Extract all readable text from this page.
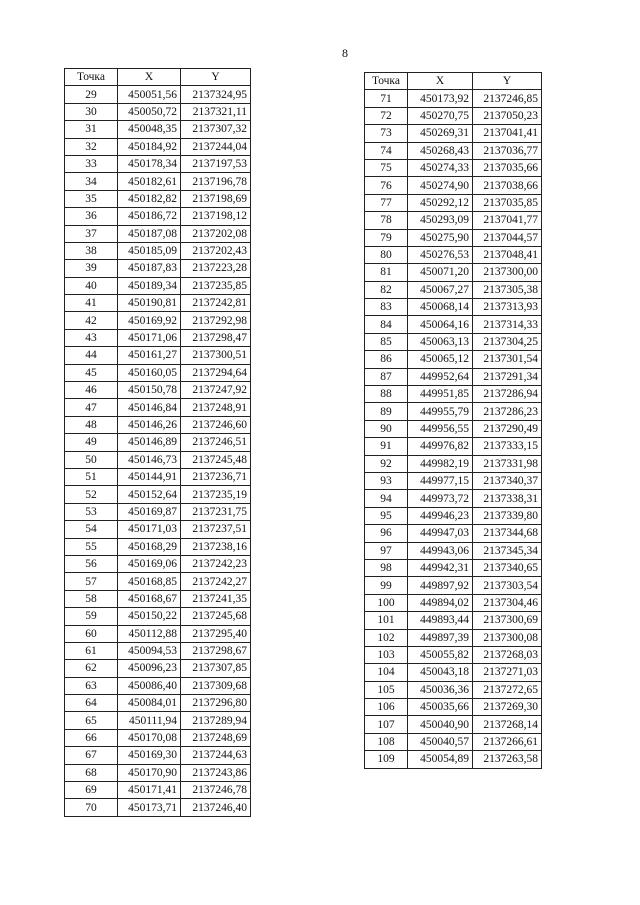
8
Точка	X	Y
29	450051,56	2137324,95
30	450050,72	2137321,11
31	450048,35	2137307,32
32	450184,92	2137244,04
33	450178,34	2137197,53
34	450182,61	2137196,78
35	450182,82	2137198,69
36	450186,72	2137198,12
37	450187,08	2137202,08
38	450185,09	2137202,43
39	450187,83	2137223,28
40	450189,34	2137235,85
41	450190,81	2137242,81
42	450169,92	2137292,98
43	450171,06	2137298,47
44	450161,27	2137300,51
45	450160,05	2137294,64
46	450150,78	2137247,92
47	450146,84	2137248,91
48	450146,26	2137246,60
49	450146,89	2137246,51
50	450146,73	2137245,48
51	450144,91	2137236,71
52	450152,64	2137235,19
53	450169,87	2137231,75
54	450171,03	2137237,51
55	450168,29	2137238,16
56	450169,06	2137242,23
57	450168,85	2137242,27
58	450168,67	2137241,35
59	450150,22	2137245,68
60	450112,88	2137295,40
61	450094,53	2137298,67
62	450096,23	2137307,85
63	450086,40	2137309,68
64	450084,01	2137296,80
65	450111,94	2137289,94
66	450170,08	2137248,69
67	450169,30	2137244,63
68	450170,90	2137243,86
69	450171,41	2137246,78
70	450173,71	2137246,40
Точка	X	Y
71	450173,92	2137246,85
72	450270,75	2137050,23
73	450269,31	2137041,41
74	450268,43	2137036,77
75	450274,33	2137035,66
76	450274,90	2137038,66
77	450292,12	2137035,85
78	450293,09	2137041,77
79	450275,90	2137044,57
80	450276,53	2137048,41
81	450071,20	2137300,00
82	450067,27	2137305,38
83	450068,14	2137313,93
84	450064,16	2137314,33
85	450063,13	2137304,25
86	450065,12	2137301,54
87	449952,64	2137291,34
88	449951,85	2137286,94
89	449955,79	2137286,23
90	449956,55	2137290,49
91	449976,82	2137333,15
92	449982,19	2137331,98
93	449977,15	2137340,37
94	449973,72	2137338,31
95	449946,23	2137339,80
96	449947,03	2137344,68
97	449943,06	2137345,34
98	449942,31	2137340,65
99	449897,92	2137303,54
100	449894,02	2137304,46
101	449893,44	2137300,69
102	449897,39	2137300,08
103	450055,82	2137268,03
104	450043,18	2137271,03
105	450036,36	2137272,65
106	450035,66	2137269,30
107	450040,90	2137268,14
108	450040,57	2137266,61
109	450054,89	2137263,58
